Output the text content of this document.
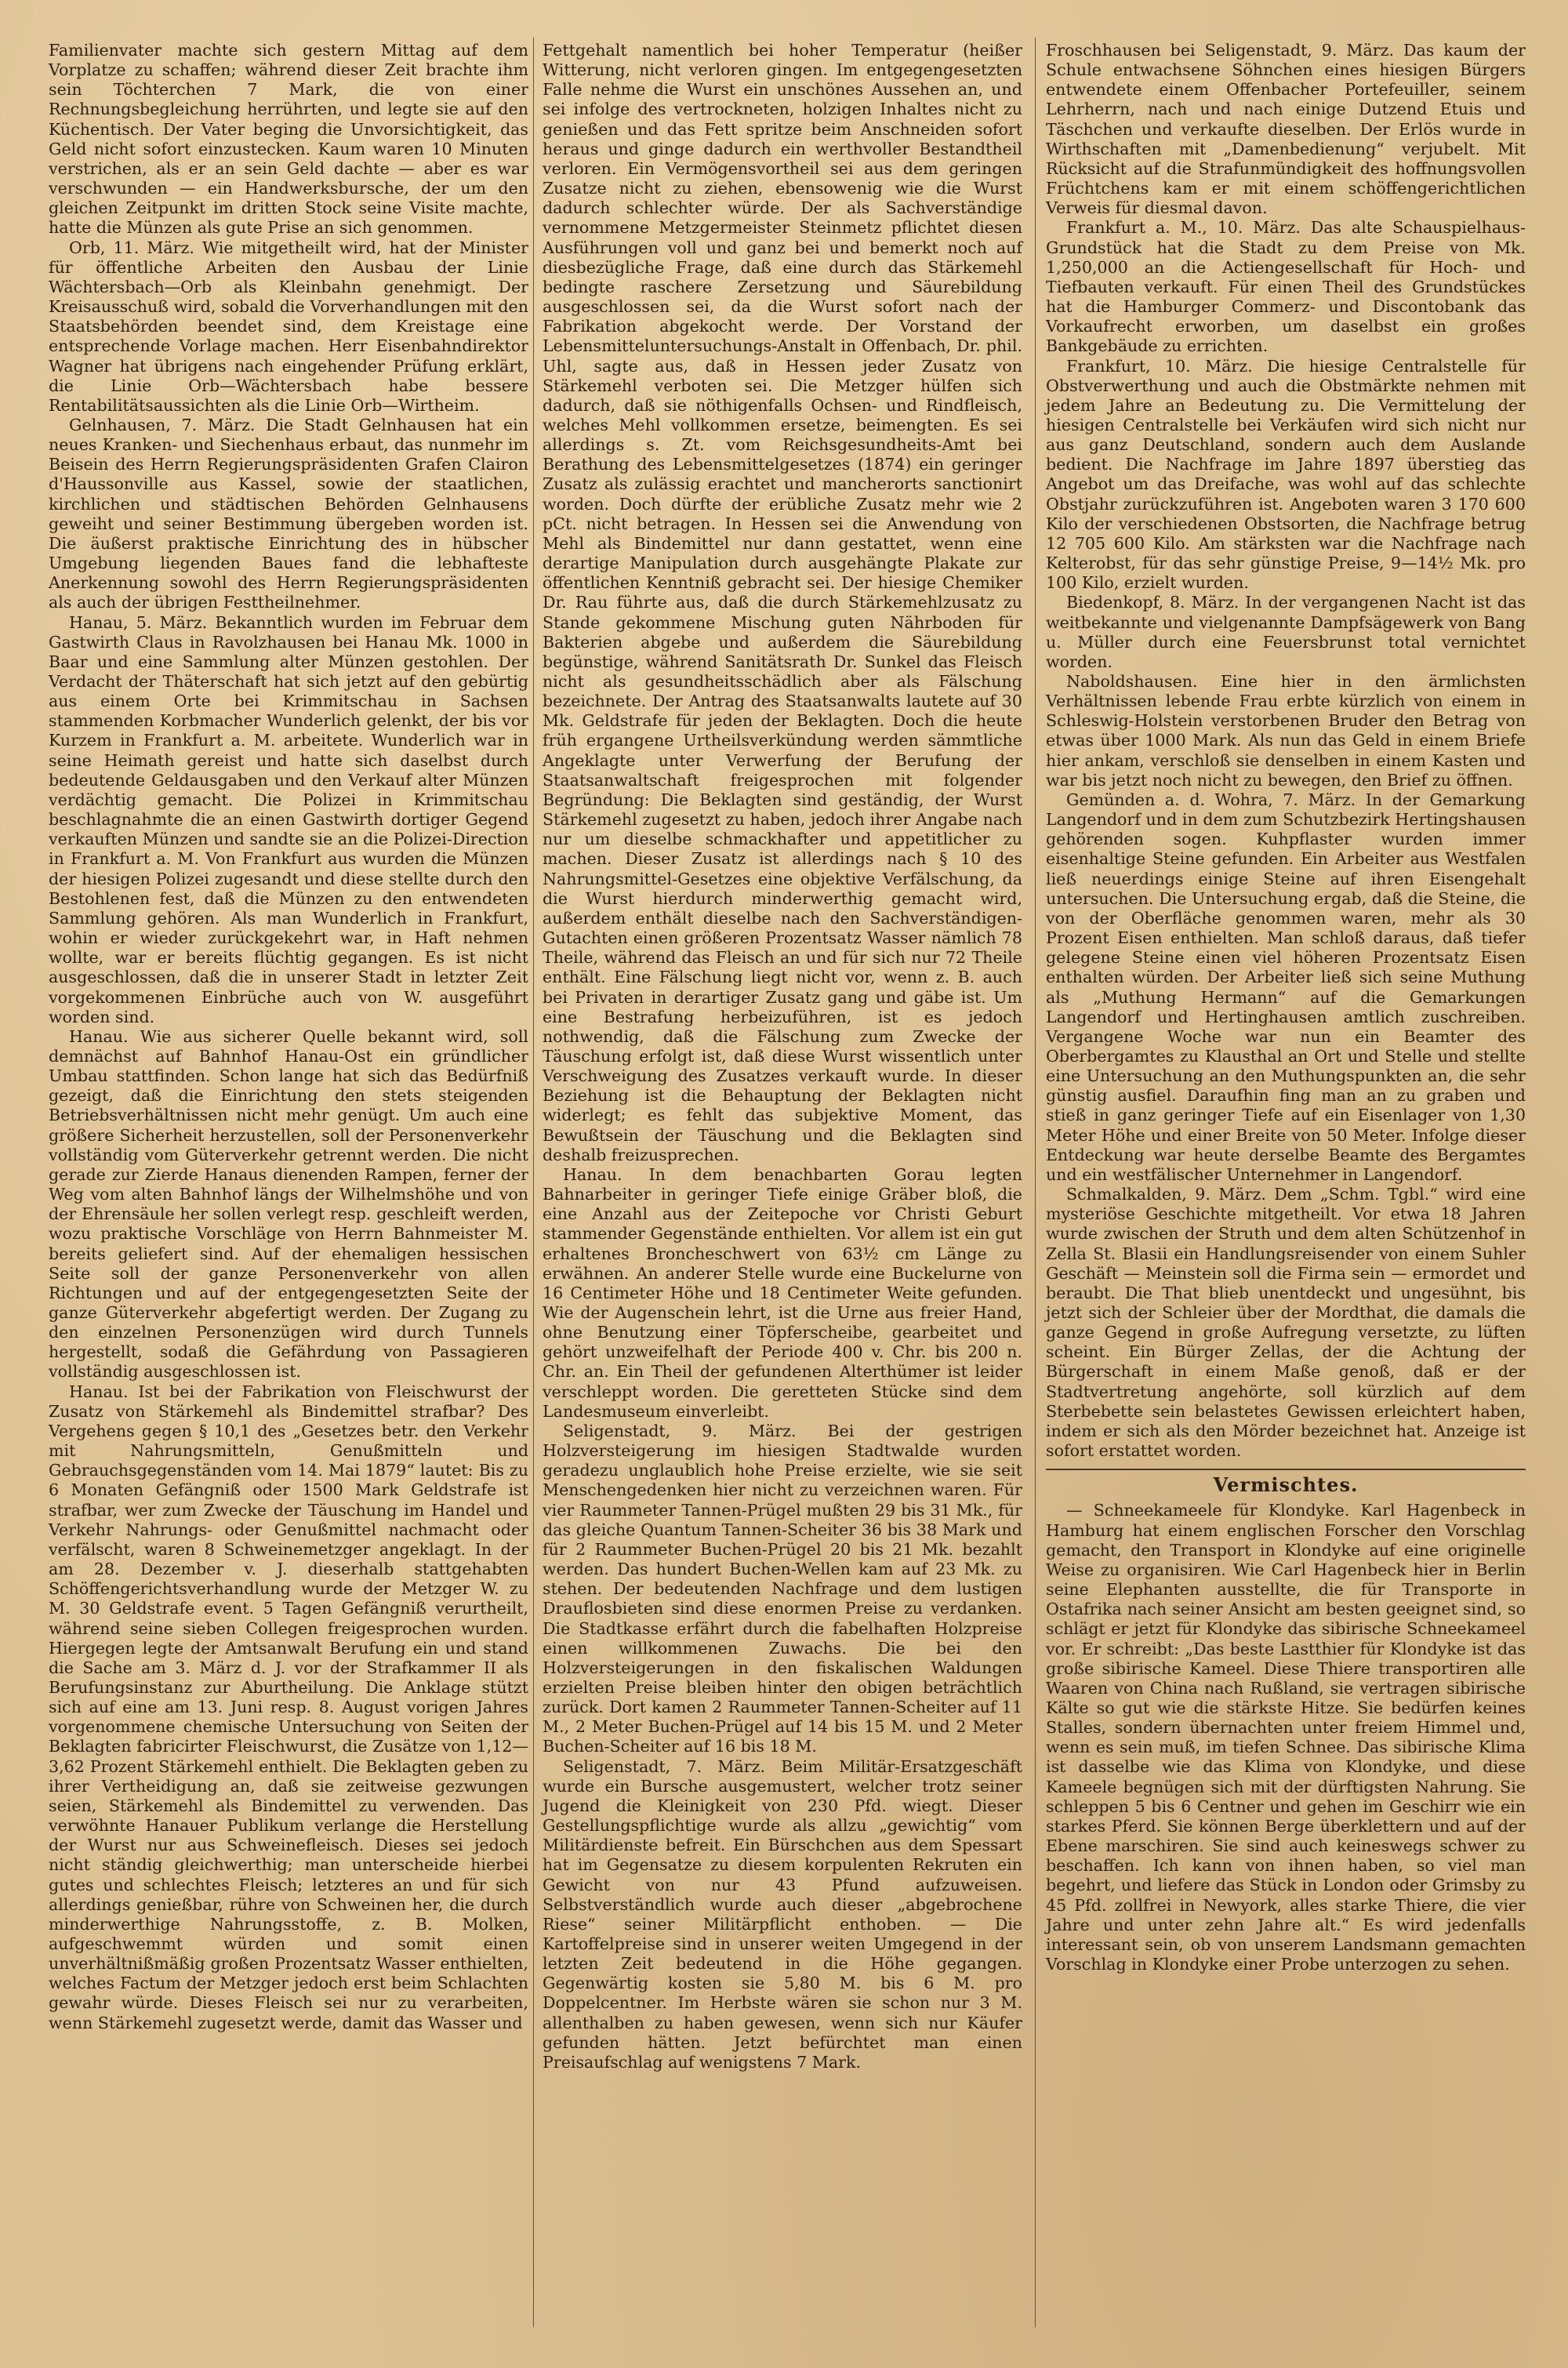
Familienvater machte sich gestern Mittag auf dem Vorplatze zu schaffen; während dieser Zeit brachte ihm sein Töchterchen 7 Mark, die von einer Rechnungsbegleichung herrührten, und legte sie auf den Küchentisch. Der Vater beging die Unvorsichtigkeit, das Geld nicht sofort einzustecken. Kaum waren 10 Minuten verstrichen, als er an sein Geld dachte — aber es war verschwunden — ein Handwerksbursche, der um den gleichen Zeitpunkt im dritten Stock seine Visite machte, hatte die Münzen als gute Prise an sich genommen.

Orb, 11. März. Wie mitgetheilt wird, hat der Minister für öffentliche Arbeiten den Ausbau der Linie Wächtersbach—Orb als Kleinbahn genehmigt. Der Kreisausschuß wird, sobald die Vorverhandlungen mit den Staatsbehörden beendet sind, dem Kreistage eine entsprechende Vorlage machen. Herr Eisenbahndirektor Wagner hat übrigens nach eingehender Prüfung erklärt, die Linie Orb—Wächtersbach habe bessere Rentabilitätsaussichten als die Linie Orb—Wirtheim.

Gelnhausen, 7. März. Die Stadt Gelnhausen hat ein neues Kranken- und Siechenhaus erbaut, das nunmehr im Beisein des Herrn Regierungspräsidenten Grafen Clairon d'Haussonville aus Kassel, sowie der staatlichen, kirchlichen und städtischen Behörden Gelnhausens geweiht und seiner Bestimmung übergeben worden ist. Die äußerst praktische Einrichtung des in hübscher Umgebung liegenden Baues fand die lebhafteste Anerkennung sowohl des Herrn Regierungspräsidenten als auch der übrigen Festtheilnehmer.

Hanau, 5. März. Bekanntlich wurden im Februar dem Gastwirth Claus in Ravolzhausen bei Hanau Mk. 1000 in Baar und eine Sammlung alter Münzen gestohlen. Der Verdacht der Thäterschaft hat sich jetzt auf den gebürtig aus einem Orte bei Krimmitschau in Sachsen stammenden Korbmacher Wunderlich gelenkt, der bis vor Kurzem in Frankfurt a. M. arbeitete. Wunderlich war in seine Heimath gereist und hatte sich daselbst durch bedeutende Geldausgaben und den Verkauf alter Münzen verdächtig gemacht. Die Polizei in Krimmitschau beschlagnahmte die an einen Gastwirth dortiger Gegend verkauften Münzen und sandte sie an die Polizei-Direction in Frankfurt a. M. Von Frankfurt aus wurden die Münzen der hiesigen Polizei zugesandt und diese stellte durch den Bestohlenen fest, daß die Münzen zu den entwendeten Sammlung gehören. Als man Wunderlich in Frankfurt, wohin er wieder zurückgekehrt war, in Haft nehmen wollte, war er bereits flüchtig gegangen. Es ist nicht ausgeschlossen, daß die in unserer Stadt in letzter Zeit vorgekommenen Einbrüche auch von W. ausgeführt worden sind.

Hanau. Wie aus sicherer Quelle bekannt wird, soll demnächst auf Bahnhof Hanau-Ost ein gründlicher Umbau stattfinden. Schon lange hat sich das Bedürfniß gezeigt, daß die Einrichtung den stets steigenden Betriebsverhältnissen nicht mehr genügt. Um auch eine größere Sicherheit herzustellen, soll der Personenverkehr vollständig vom Güterverkehr getrennt werden. Die nicht gerade zur Zierde Hanaus dienenden Rampen, ferner der Weg vom alten Bahnhof längs der Wilhelmshöhe und von der Ehrensäule her sollen verlegt resp. geschleift werden, wozu praktische Vorschläge von Herrn Bahnmeister M. bereits geliefert sind. Auf der ehemaligen hessischen Seite soll der ganze Personenverkehr von allen Richtungen und auf der entgegengesetzten Seite der ganze Güterverkehr abgefertigt werden. Der Zugang zu den einzelnen Personenzügen wird durch Tunnels hergestellt, sodaß die Gefährdung von Passagieren vollständig ausgeschlossen ist.

Hanau. Ist bei der Fabrikation von Fleischwurst der Zusatz von Stärkemehl als Bindemittel strafbar? Des Vergehens gegen § 10,1 des „Gesetzes betr. den Verkehr mit Nahrungsmitteln, Genußmitteln und Gebrauchsgegenständen vom 14. Mai 1879“ lautet: Bis zu 6 Monaten Gefängniß oder 1500 Mark Geldstrafe ist strafbar, wer zum Zwecke der Täuschung im Handel und Verkehr Nahrungs- oder Genußmittel nachmacht oder verfälscht, waren 8 Schweinemetzger angeklagt. In der am 28. Dezember v. J. dieserhalb stattgehabten Schöffengerichtsverhandlung wurde der Metzger W. zu M. 30 Geldstrafe event. 5 Tagen Gefängniß verurtheilt, während seine sieben Collegen freigesprochen wurden. Hiergegen legte der Amtsanwalt Berufung ein und stand die Sache am 3. März d. J. vor der Strafkammer II als Berufungsinstanz zur Aburtheilung. Die Anklage stützt sich auf eine am 13. Juni resp. 8. August vorigen Jahres vorgenommene chemische Untersuchung von Seiten der Beklagten fabricirter Fleischwurst, die Zusätze von 1,12—3,62 Prozent Stärkemehl enthielt. Die Beklagten geben zu ihrer Vertheidigung an, daß sie zeitweise gezwungen seien, Stärkemehl als Bindemittel zu verwenden. Das verwöhnte Hanauer Publikum verlange die Herstellung der Wurst nur aus Schweinefleisch. Dieses sei jedoch nicht ständig gleichwerthig; man unterscheide hierbei gutes und schlechtes Fleisch; letzteres an und für sich allerdings genießbar, rühre von Schweinen her, die durch minderwerthige Nahrungsstoffe, z. B. Molken, aufgeschwemmt würden und somit einen unverhältnißmäßig großen Prozentsatz Wasser enthielten, welches Factum der Metzger jedoch erst beim Schlachten gewahr würde. Dieses Fleisch sei nur zu verarbeiten, wenn Stärkemehl zugesetzt werde, damit das Wasser und

Fettgehalt namentlich bei hoher Temperatur (heißer Witterung, nicht verloren gingen. Im entgegengesetzten Falle nehme die Wurst ein unschönes Aussehen an, und sei infolge des vertrockneten, holzigen Inhaltes nicht zu genießen und das Fett spritze beim Anschneiden sofort heraus und ginge dadurch ein werthvoller Bestandtheil verloren. Ein Vermögensvortheil sei aus dem geringen Zusatze nicht zu ziehen, ebensowenig wie die Wurst dadurch schlechter würde. Der als Sachverständige vernommene Metzgermeister Steinmetz pflichtet diesen Ausführungen voll und ganz bei und bemerkt noch auf diesbezügliche Frage, daß eine durch das Stärkemehl bedingte raschere Zersetzung und Säurebildung ausgeschlossen sei, da die Wurst sofort nach der Fabrikation abgekocht werde. Der Vorstand der Lebensmitteluntersuchungs-Anstalt in Offenbach, Dr. phil. Uhl, sagte aus, daß in Hessen jeder Zusatz von Stärkemehl verboten sei. Die Metzger hülfen sich dadurch, daß sie nöthigenfalls Ochsen- und Rindfleisch, welches Mehl vollkommen ersetze, beimengten. Es sei allerdings s. Zt. vom Reichsgesundheits-Amt bei Berathung des Lebensmittelgesetzes (1874) ein geringer Zusatz als zulässig erachtet und mancherorts sanctionirt worden. Doch dürfte der erübliche Zusatz mehr wie 2 pCt. nicht betragen. In Hessen sei die Anwendung von Mehl als Bindemittel nur dann gestattet, wenn eine derartige Manipulation durch ausgehängte Plakate zur öffentlichen Kenntniß gebracht sei. Der hiesige Chemiker Dr. Rau führte aus, daß die durch Stärkemehlzusatz zu Stande gekommene Mischung guten Nährboden für Bakterien abgebe und außerdem die Säurebildung begünstige, während Sanitätsrath Dr. Sunkel das Fleisch nicht als gesundheitsschädlich aber als Fälschung bezeichnete. Der Antrag des Staatsanwalts lautete auf 30 Mk. Geldstrafe für jeden der Beklagten. Doch die heute früh ergangene Urtheilsverkündung werden sämmtliche Angeklagte unter Verwerfung der Berufung der Staatsanwaltschaft freigesprochen mit folgender Begründung: Die Beklagten sind geständig, der Wurst Stärkemehl zugesetzt zu haben, jedoch ihrer Angabe nach nur um dieselbe schmackhafter und appetitlicher zu machen. Dieser Zusatz ist allerdings nach § 10 des Nahrungsmittel-Gesetzes eine objektive Verfälschung, da die Wurst hierdurch minderwerthig gemacht wird, außerdem enthält dieselbe nach den Sachverständigen-Gutachten einen größeren Prozentsatz Wasser nämlich 78 Theile, während das Fleisch an und für sich nur 72 Theile enthält. Eine Fälschung liegt nicht vor, wenn z. B. auch bei Privaten in derartiger Zusatz gang und gäbe ist. Um eine Bestrafung herbeizuführen, ist es jedoch nothwendig, daß die Fälschung zum Zwecke der Täuschung erfolgt ist, daß diese Wurst wissentlich unter Verschweigung des Zusatzes verkauft wurde. In dieser Beziehung ist die Behauptung der Beklagten nicht widerlegt; es fehlt das subjektive Moment, das Bewußtsein der Täuschung und die Beklagten sind deshalb freizusprechen.

Hanau. In dem benachbarten Gorau legten Bahnarbeiter in geringer Tiefe einige Gräber bloß, die eine Anzahl aus der Zeitepoche vor Christi Geburt stammender Gegenstände enthielten. Vor allem ist ein gut erhaltenes Broncheschwert von 63½ cm Länge zu erwähnen. An anderer Stelle wurde eine Buckelurne von 16 Centimeter Höhe und 18 Centimeter Weite gefunden. Wie der Augenschein lehrt, ist die Urne aus freier Hand, ohne Benutzung einer Töpferscheibe, gearbeitet und gehört unzweifelhaft der Periode 400 v. Chr. bis 200 n. Chr. an. Ein Theil der gefundenen Alterthümer ist leider verschleppt worden. Die geretteten Stücke sind dem Landesmuseum einverleibt.

Seligenstadt, 9. März. Bei der gestrigen Holzversteigerung im hiesigen Stadtwalde wurden geradezu unglaublich hohe Preise erzielte, wie sie seit Menschengedenken hier nicht zu verzeichnen waren. Für vier Raummeter Tannen-Prügel mußten 29 bis 31 Mk., für das gleiche Quantum Tannen-Scheiter 36 bis 38 Mark und für 2 Raummeter Buchen-Prügel 20 bis 21 Mk. bezahlt werden. Das hundert Buchen-Wellen kam auf 23 Mk. zu stehen. Der bedeutenden Nachfrage und dem lustigen Drauflosbieten sind diese enormen Preise zu verdanken. Die Stadtkasse erfährt durch die fabelhaften Holzpreise einen willkommenen Zuwachs. Die bei den Holzversteigerungen in den fiskalischen Waldungen erzielten Preise bleiben hinter den obigen beträchtlich zurück. Dort kamen 2 Raummeter Tannen-Scheiter auf 11 M., 2 Meter Buchen-Prügel auf 14 bis 15 M. und 2 Meter Buchen-Scheiter auf 16 bis 18 M.

Seligenstadt, 7. März. Beim Militär-Ersatzgeschäft wurde ein Bursche ausgemustert, welcher trotz seiner Jugend die Kleinigkeit von 230 Pfd. wiegt. Dieser Gestellungspflichtige wurde als allzu „gewichtig“ vom Militärdienste befreit. Ein Bürschchen aus dem Spessart hat im Gegensatze zu diesem korpulenten Rekruten ein Gewicht von nur 43 Pfund aufzuweisen. Selbstverständlich wurde auch dieser „abgebrochene Riese“ seiner Militärpflicht enthoben. — Die Kartoffelpreise sind in unserer weiten Umgegend in der letzten Zeit bedeutend in die Höhe gegangen. Gegenwärtig kosten sie 5,80 M. bis 6 M. pro Doppelcentner. Im Herbste wären sie schon nur 3 M. allenthalben zu haben gewesen, wenn sich nur Käufer gefunden hätten. Jetzt befürchtet man einen Preisaufschlag auf wenigstens 7 Mark.

Froschhausen bei Seligenstadt, 9. März. Das kaum der Schule entwachsene Söhnchen eines hiesigen Bürgers entwendete einem Offenbacher Portefeuiller, seinem Lehrherrn, nach und nach einige Dutzend Etuis und Täschchen und verkaufte dieselben. Der Erlös wurde in Wirthschaften mit „Damenbedienung“ verjubelt. Mit Rücksicht auf die Strafunmündigkeit des hoffnungsvollen Früchtchens kam er mit einem schöffengerichtlichen Verweis für diesmal davon.

Frankfurt a. M., 10. März. Das alte Schauspielhaus-Grundstück hat die Stadt zu dem Preise von Mk. 1,250,000 an die Actiengesellschaft für Hoch- und Tiefbauten verkauft. Für einen Theil des Grundstückes hat die Hamburger Commerz- und Discontobank das Vorkaufrecht erworben, um daselbst ein großes Bankgebäude zu errichten.

Frankfurt, 10. März. Die hiesige Centralstelle für Obstverwerthung und auch die Obstmärkte nehmen mit jedem Jahre an Bedeutung zu. Die Vermittelung der hiesigen Centralstelle bei Verkäufen wird sich nicht nur aus ganz Deutschland, sondern auch dem Auslande bedient. Die Nachfrage im Jahre 1897 überstieg das Angebot um das Dreifache, was wohl auf das schlechte Obstjahr zurückzuführen ist. Angeboten waren 3 170 600 Kilo der verschiedenen Obstsorten, die Nachfrage betrug 12 705 600 Kilo. Am stärksten war die Nachfrage nach Kelterobst, für das sehr günstige Preise, 9—14½ Mk. pro 100 Kilo, erzielt wurden.

Biedenkopf, 8. März. In der vergangenen Nacht ist das weitbekannte und vielgenannte Dampfsägewerk von Bang u. Müller durch eine Feuersbrunst total vernichtet worden.

Naboldshausen. Eine hier in den ärmlichsten Verhältnissen lebende Frau erbte kürzlich von einem in Schleswig-Holstein verstorbenen Bruder den Betrag von etwas über 1000 Mark. Als nun das Geld in einem Briefe hier ankam, verschloß sie denselben in einem Kasten und war bis jetzt noch nicht zu bewegen, den Brief zu öffnen.

Gemünden a. d. Wohra, 7. März. In der Gemarkung Langendorf und in dem zum Schutzbezirk Hertingshausen gehörenden sogen. Kuhpflaster wurden immer eisenhaltige Steine gefunden. Ein Arbeiter aus Westfalen ließ neuerdings einige Steine auf ihren Eisengehalt untersuchen. Die Untersuchung ergab, daß die Steine, die von der Oberfläche genommen waren, mehr als 30 Prozent Eisen enthielten. Man schloß daraus, daß tiefer gelegene Steine einen viel höheren Prozentsatz Eisen enthalten würden. Der Arbeiter ließ sich seine Muthung als „Muthung Hermann“ auf die Gemarkungen Langendorf und Hertinghausen amtlich zuschreiben. Vergangene Woche war nun ein Beamter des Oberbergamtes zu Klausthal an Ort und Stelle und stellte eine Untersuchung an den Muthungspunkten an, die sehr günstig ausfiel. Daraufhin fing man an zu graben und stieß in ganz geringer Tiefe auf ein Eisenlager von 1,30 Meter Höhe und einer Breite von 50 Meter. Infolge dieser Entdeckung war heute derselbe Beamte des Bergamtes und ein westfälischer Unternehmer in Langendorf.

Schmalkalden, 9. März. Dem „Schm. Tgbl.“ wird eine mysteriöse Geschichte mitgetheilt. Vor etwa 18 Jahren wurde zwischen der Struth und dem alten Schützenhof in Zella St. Blasii ein Handlungsreisender von einem Suhler Geschäft — Meinstein soll die Firma sein — ermordet und beraubt. Die That blieb unentdeckt und ungesühnt, bis jetzt sich der Schleier über der Mordthat, die damals die ganze Gegend in große Aufregung versetzte, zu lüften scheint. Ein Bürger Zellas, der die Achtung der Bürgerschaft in einem Maße genoß, daß er der Stadtvertretung angehörte, soll kürzlich auf dem Sterbebette sein belastetes Gewissen erleichtert haben, indem er sich als den Mörder bezeichnet hat. Anzeige ist sofort erstattet worden.

Vermischtes.

— Schneekameele für Klondyke. Karl Hagenbeck in Hamburg hat einem englischen Forscher den Vorschlag gemacht, den Transport in Klondyke auf eine originelle Weise zu organisiren. Wie Carl Hagenbeck hier in Berlin seine Elephanten ausstellte, die für Transporte in Ostafrika nach seiner Ansicht am besten geeignet sind, so schlägt er jetzt für Klondyke das sibirische Schneekameel vor. Er schreibt: „Das beste Lastthier für Klondyke ist das große sibirische Kameel. Diese Thiere transportiren alle Waaren von China nach Rußland, sie vertragen sibirische Kälte so gut wie die stärkste Hitze. Sie bedürfen keines Stalles, sondern übernachten unter freiem Himmel und, wenn es sein muß, im tiefen Schnee. Das sibirische Klima ist dasselbe wie das Klima von Klondyke, und diese Kameele begnügen sich mit der dürftigsten Nahrung. Sie schleppen 5 bis 6 Centner und gehen im Geschirr wie ein starkes Pferd. Sie können Berge überklettern und auf der Ebene marschiren. Sie sind auch keineswegs schwer zu beschaffen. Ich kann von ihnen haben, so viel man begehrt, und liefere das Stück in London oder Grimsby zu 45 Pfd. zollfrei in Newyork, alles starke Thiere, die vier Jahre und unter zehn Jahre alt.“ Es wird jedenfalls interessant sein, ob von unserem Landsmann gemachten Vorschlag in Klondyke einer Probe unterzogen zu sehen.
